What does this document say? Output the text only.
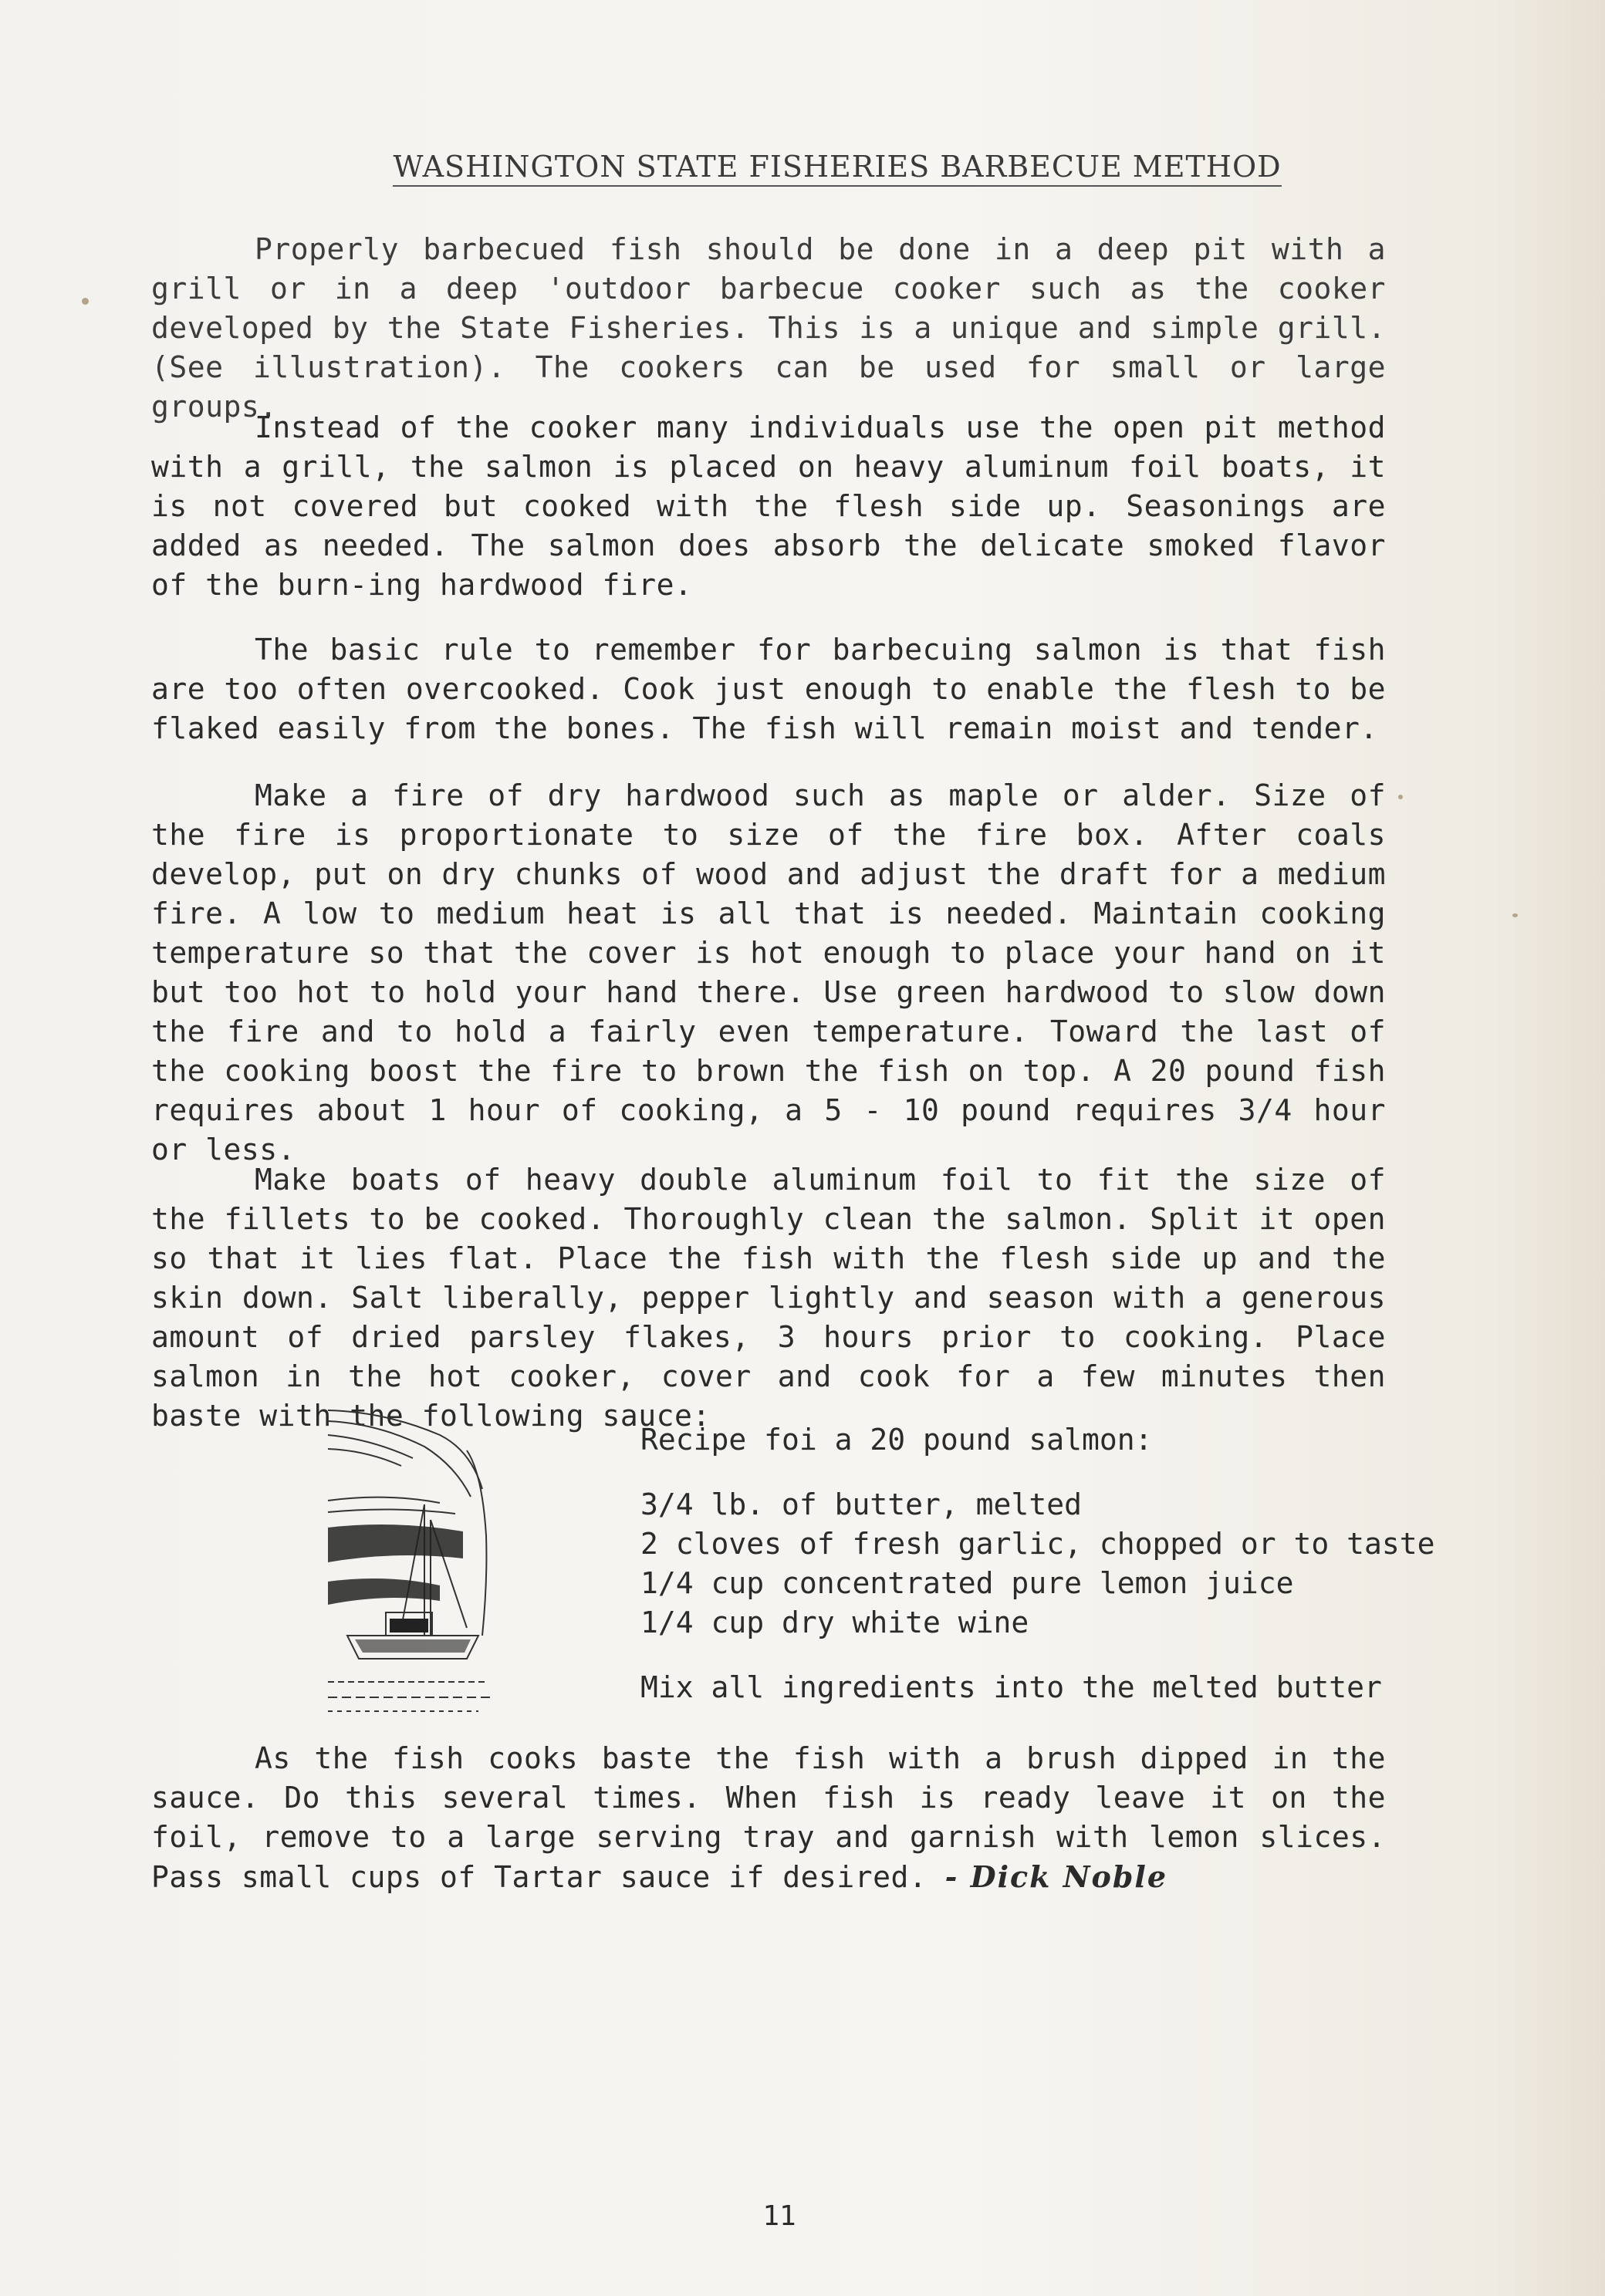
WASHINGTON STATE FISHERIES BARBECUE METHOD

Properly barbecued fish should be done in a deep pit with a grill or in a deep 'outdoor barbecue cooker such as the cooker developed by the State Fisheries. This is a unique and simple grill. (See illustration). The cookers can be used for small or large groups.

Instead of the cooker many individuals use the open pit method with a grill, the salmon is placed on heavy aluminum foil boats, it is not covered but cooked with the flesh side up. Seasonings are added as needed. The salmon does absorb the delicate smoked flavor of the burn-ing hardwood fire.

The basic rule to remember for barbecuing salmon is that fish are too often overcooked. Cook just enough to enable the flesh to be flaked easily from the bones. The fish will remain moist and tender.

Make a fire of dry hardwood such as maple or alder. Size of the fire is proportionate to size of the fire box. After coals develop, put on dry chunks of wood and adjust the draft for a medium fire. A low to medium heat is all that is needed. Maintain cooking temperature so that the cover is hot enough to place your hand on it but too hot to hold your hand there. Use green hardwood to slow down the fire and to hold a fairly even temperature. Toward the last of the cooking boost the fire to brown the fish on top. A 20 pound fish requires about 1 hour of cooking, a 5 - 10 pound requires 3/4 hour or less.

Make boats of heavy double aluminum foil to fit the size of the fillets to be cooked. Thoroughly clean the salmon. Split it open so that it lies flat. Place the fish with the flesh side up and the skin down. Salt liberally, pepper lightly and season with a generous amount of dried parsley flakes, 3 hours prior to cooking. Place salmon in the hot cooker, cover and cook for a few minutes then baste with the following sauce:

Recipe foi a 20 pound salmon:
3/4 lb. of butter, melted
2 cloves of fresh garlic, chopped or to taste
1/4 cup concentrated pure lemon juice
1/4 cup dry white wine
Mix all ingredients into the melted butter

As the fish cooks baste the fish with a brush dipped in the sauce. Do this several times. When fish is ready leave it on the foil, remove to a large serving tray and garnish with lemon slices. Pass small cups of Tartar sauce if desired. - Dick Noble

11
